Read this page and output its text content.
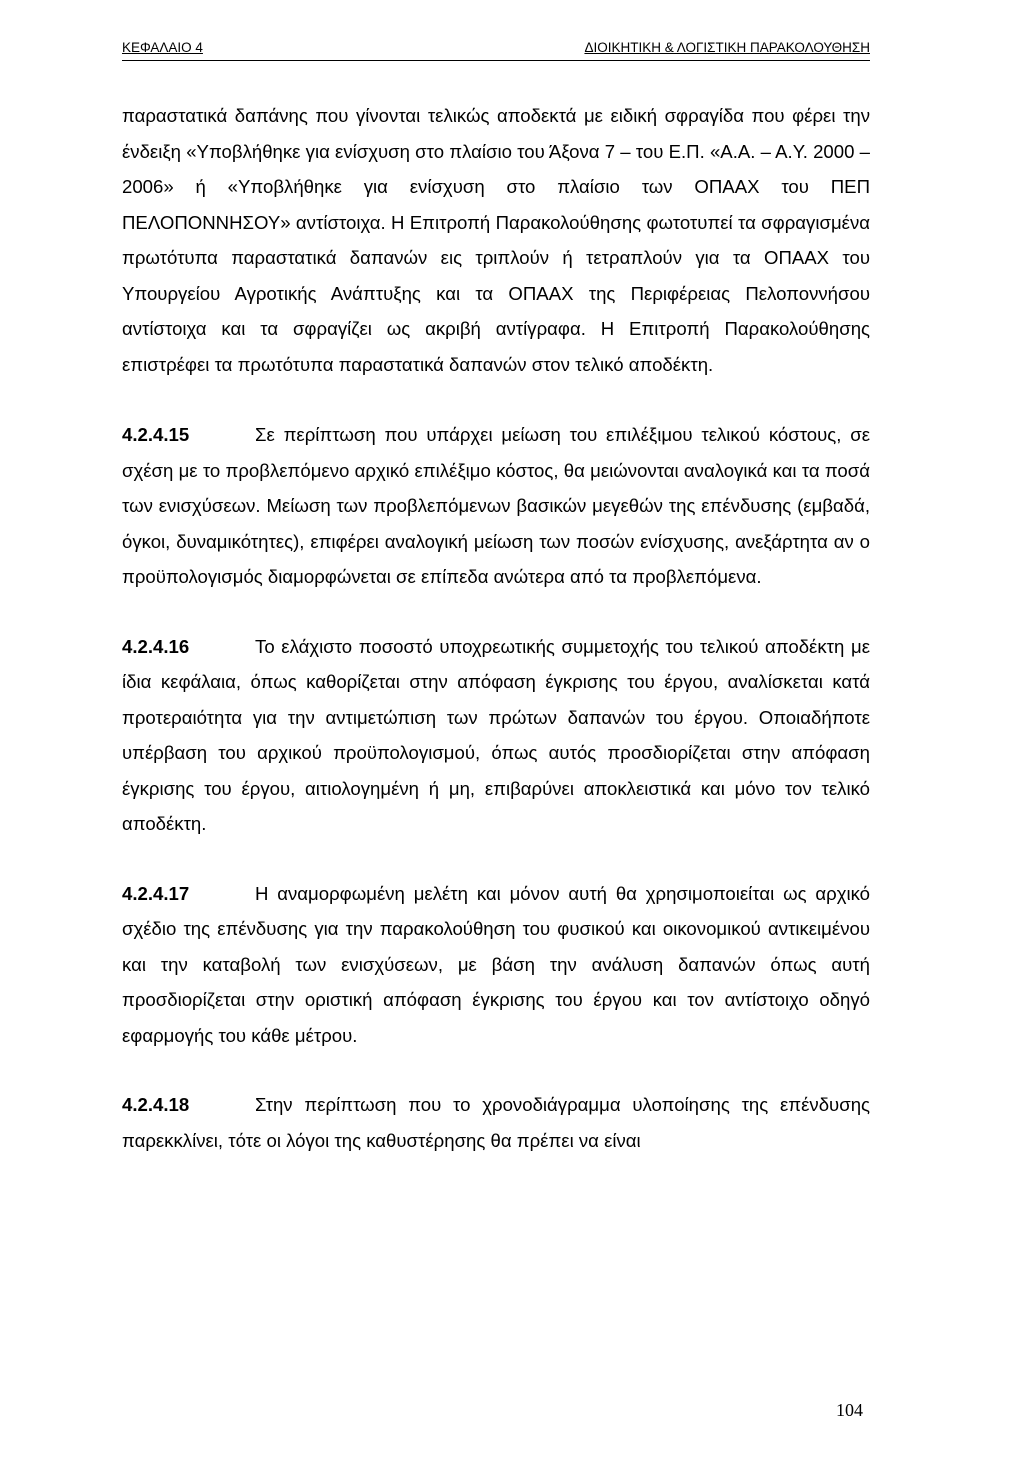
ΚΕΦΑΛΑΙΟ 4	ΔΙΟΙΚΗΤΙΚΗ & ΛΟΓΙΣΤΙΚΗ ΠΑΡΑΚΟΛΟΥΘΗΣΗ

παραστατικά δαπάνης που γίνονται τελικώς αποδεκτά με ειδική σφραγίδα που φέρει την ένδειξη «Υποβλήθηκε για ενίσχυση στο πλαίσιο του Άξονα 7 – του Ε.Π. «Α.Α. – Α.Υ. 2000 – 2006» ή «Υποβλήθηκε για ενίσχυση στο πλαίσιο των ΟΠΑΑΧ του ΠΕΠ ΠΕΛΟΠΟΝΝΗΣΟΥ» αντίστοιχα. Η Επιτροπή Παρακολούθησης φωτοτυπεί τα σφραγισμένα πρωτότυπα παραστατικά δαπανών εις τριπλούν ή τετραπλούν για τα ΟΠΑΑΧ του Υπουργείου Αγροτικής Ανάπτυξης και τα ΟΠΑΑΧ της Περιφέρειας Πελοποννήσου αντίστοιχα και τα σφραγίζει ως ακριβή αντίγραφα. Η Επιτροπή Παρακολούθησης επιστρέφει τα πρωτότυπα παραστατικά δαπανών στον τελικό αποδέκτη.

4.2.4.15	Σε περίπτωση που υπάρχει μείωση του επιλέξιμου τελικού κόστους, σε σχέση με το προβλεπόμενο αρχικό επιλέξιμο κόστος, θα μειώνονται αναλογικά και τα ποσά των ενισχύσεων. Μείωση των προβλεπόμενων βασικών μεγεθών της επένδυσης (εμβαδά, όγκοι, δυναμικότητες), επιφέρει αναλογική μείωση των ποσών ενίσχυσης, ανεξάρτητα αν ο προϋπολογισμός διαμορφώνεται σε επίπεδα ανώτερα από τα προβλεπόμενα.

4.2.4.16	Το ελάχιστο ποσοστό υποχρεωτικής συμμετοχής του τελικού αποδέκτη με ίδια κεφάλαια, όπως καθορίζεται στην απόφαση έγκρισης του έργου, αναλίσκεται κατά προτεραιότητα για την αντιμετώπιση των πρώτων δαπανών του έργου. Οποιαδήποτε υπέρβαση του αρχικού προϋπολογισμού, όπως αυτός προσδιορίζεται στην απόφαση έγκρισης του έργου, αιτιολογημένη ή μη, επιβαρύνει αποκλειστικά και μόνο τον τελικό αποδέκτη.

4.2.4.17	Η αναμορφωμένη μελέτη και μόνον αυτή θα χρησιμοποιείται ως αρχικό σχέδιο της επένδυσης για την παρακολούθηση του φυσικού και οικονομικού αντικειμένου και την καταβολή των ενισχύσεων, με βάση την ανάλυση δαπανών όπως αυτή προσδιορίζεται στην οριστική απόφαση έγκρισης του έργου και τον αντίστοιχο οδηγό εφαρμογής του κάθε μέτρου.

4.2.4.18	Στην περίπτωση που το χρονοδιάγραμμα υλοποίησης της επένδυσης παρεκκλίνει, τότε οι λόγοι της καθυστέρησης θα πρέπει να είναι

104
